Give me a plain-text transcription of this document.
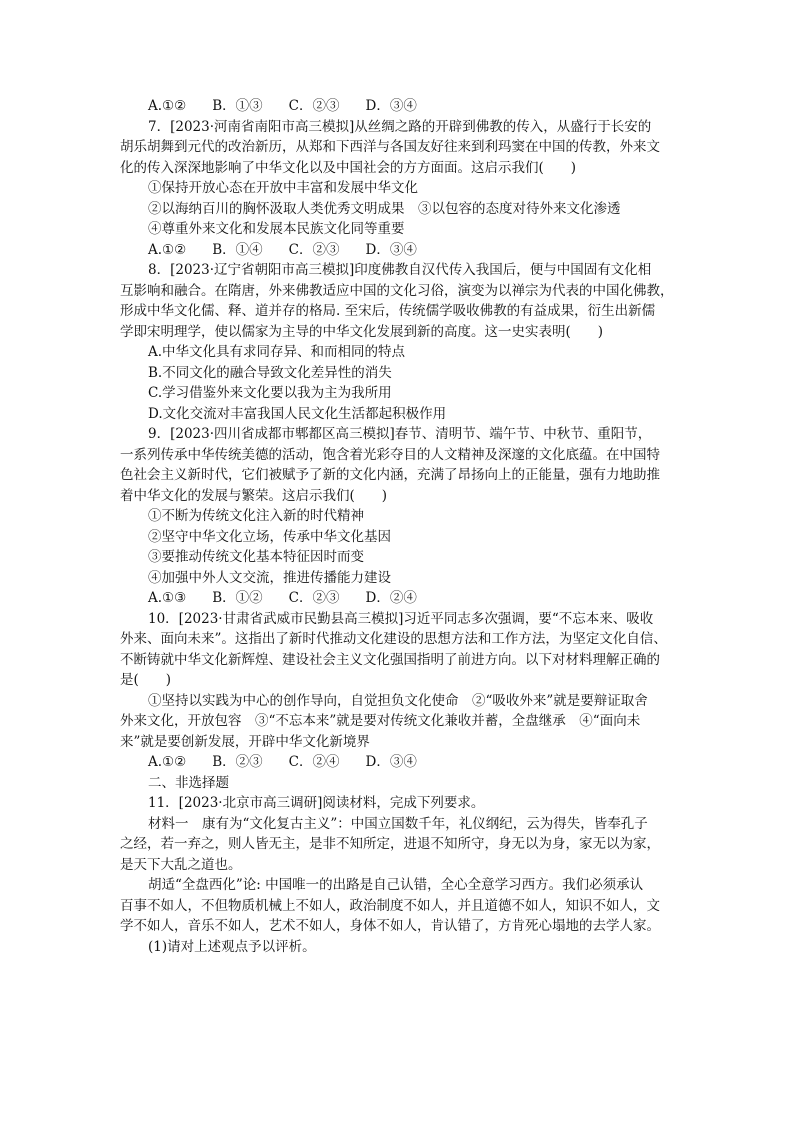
A.①② B．①③ C．②③ D．③④
7．[2023·河南省南阳市高三模拟]从丝绸之路的开辟到佛教的传入，从盛行于长安的
胡乐胡舞到元代的改治新历，从郑和下西洋与各国友好往来到利玛窦在中国的传教，外来文
化的传入深深地影响了中华文化以及中国社会的方方面面。这启示我们(　　)
①保持开放心态在开放中丰富和发展中华文化
②以海纳百川的胸怀汲取人类优秀文明成果　③以包容的态度对待外来文化渗透
④尊重外来文化和发展本民族文化同等重要
A.①② B．①④ C．②③ D．③④
8．[2023·辽宁省朝阳市高三模拟]印度佛教自汉代传入我国后，便与中国固有文化相
互影响和融合。在隋唐，外来佛教适应中国的文化习俗，演变为以禅宗为代表的中国化佛教，
形成中华文化儒、释、道并存的格局. 至宋后，传统儒学吸收佛教的有益成果，衍生出新儒
学即宋明理学，使以儒家为主导的中华文化发展到新的高度。这一史实表明(　　)
A.中华文化具有求同存异、和而相同的特点
B.不同文化的融合导致文化差异性的消失
C.学习借鉴外来文化要以我为主为我所用
D.文化交流对丰富我国人民文化生活都起积极作用
9．[2023·四川省成都市郫都区高三模拟]春节、清明节、端午节、中秋节、重阳节，
一系列传承中华传统美德的活动，饱含着光彩夺目的人文精神及深邃的文化底蕴。在中国特
色社会主义新时代，它们被赋予了新的文化内涵，充满了昂扬向上的正能量，强有力地助推
着中华文化的发展与繁荣。这启示我们(　　)
①不断为传统文化注入新的时代精神
②坚守中华文化立场，传承中华文化基因
③要推动传统文化基本特征因时而变
④加强中外人文交流，推进传播能力建设
A.①③ B．①② C．②③ D．②④
10．[2023·甘肃省武威市民勤县高三模拟]习近平同志多次强调，要“不忘本来、吸收
外来、面向未来”。这指出了新时代推动文化建设的思想方法和工作方法，为坚定文化自信、
不断铸就中华文化新辉煌、建设社会主义文化强国指明了前进方向。以下对材料理解正确的
是(　　)
①坚持以实践为中心的创作导向，自觉担负文化使命　②“吸收外来”就是要辩证取舍
外来文化，开放包容　③“不忘本来”就是要对传统文化兼收并蓄，全盘继承　④“面向未
来”就是要创新发展，开辟中华文化新境界
A.①② B．②③ C．②④ D．③④
二、非选择题
11．[2023·北京市高三调研]阅读材料，完成下列要求。
材料一　康有为“文化复古主义”：中国立国数千年，礼仪纲纪，云为得失，皆奉孔子
之经，若一弃之，则人皆无主，是非不知所定，进退不知所守，身无以为身，家无以为家，
是天下大乱之道也。
胡适“全盘西化”论: 中国唯一的出路是自己认错，全心全意学习西方。我们必须承认
百事不如人，不但物质机械上不如人，政治制度不如人，并且道德不如人，知识不如人，文
学不如人，音乐不如人，艺术不如人，身体不如人，肯认错了，方肯死心塌地的去学人家。
(1)请对上述观点予以评析。
